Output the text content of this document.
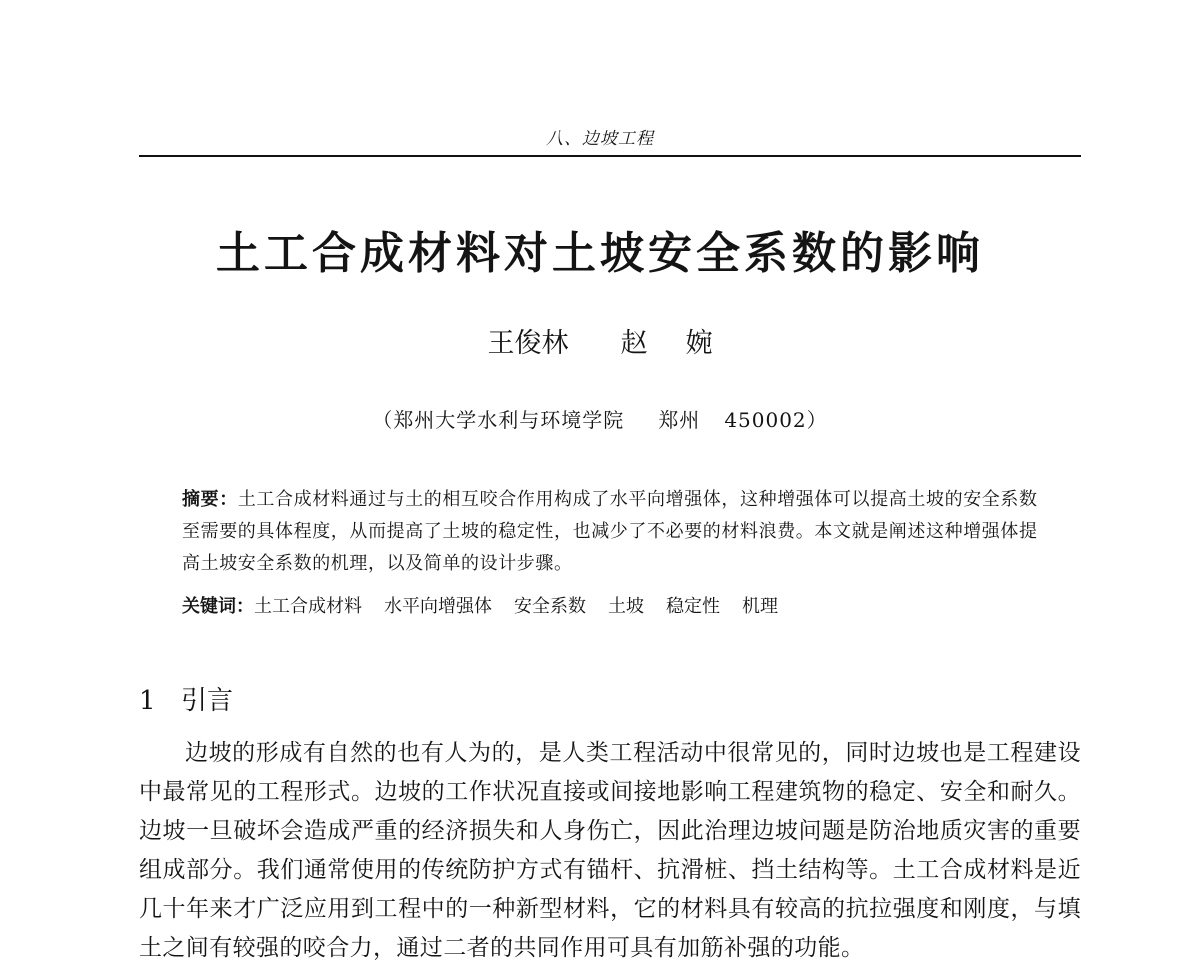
八、边坡工程
土工合成材料对土坡安全系数的影响
王俊林 赵 婉
（郑州大学水利与环境学院 郑州 450002）
摘要：土工合成材料通过与土的相互咬合作用构成了水平向增强体，这种增强体可以提高土坡的安全系数至需要的具体程度，从而提高了土坡的稳定性，也减少了不必要的材料浪费。本文就是阐述这种增强体提高土坡安全系数的机理，以及简单的设计步骤。
关键词：土工合成材料 水平向增强体 安全系数 土坡 稳定性 机理
1 引言

边坡的形成有自然的也有人为的，是人类工程活动中很常见的，同时边坡也是工程建设中最常见的工程形式。边坡的工作状况直接或间接地影响工程建筑物的稳定、安全和耐久。边坡一旦破坏会造成严重的经济损失和人身伤亡，因此治理边坡问题是防治地质灾害的重要组成部分。我们通常使用的传统防护方式有锚杆、抗滑桩、挡土结构等。土工合成材料是近几十年来才广泛应用到工程中的一种新型材料，它的材料具有较高的抗拉强度和刚度，与填土之间有较强的咬合力，通过二者的共同作用可具有加筋补强的功能。
